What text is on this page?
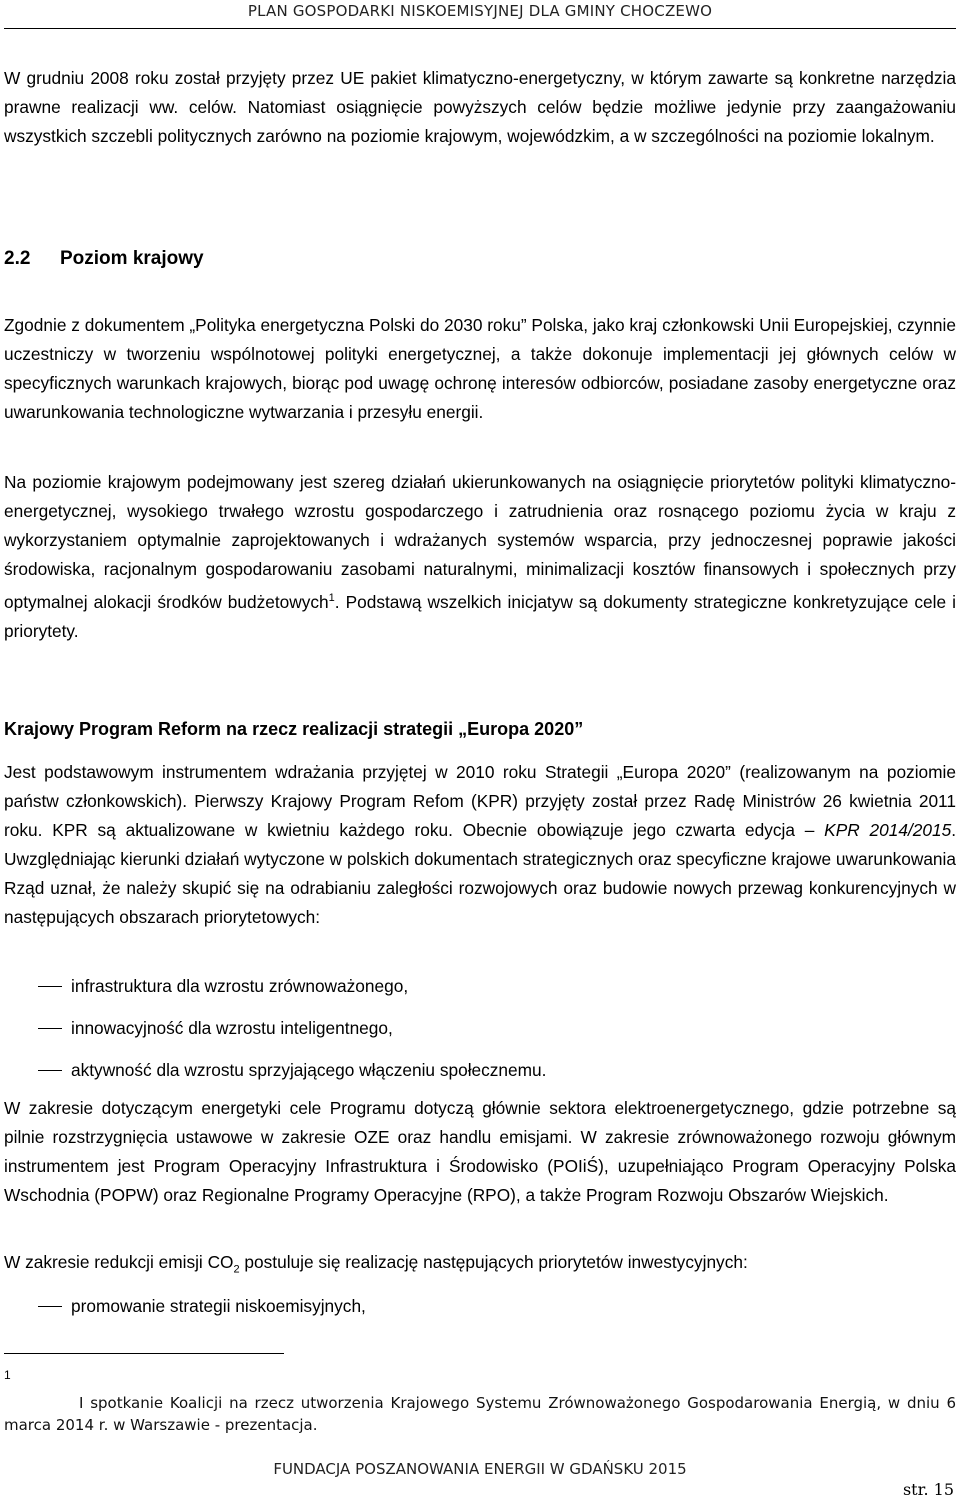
PLAN GOSPODARKI NISKOEMISYJNEJ DLA GMINY CHOCZEWO

W grudniu 2008 roku został przyjęty przez UE pakiet klimatyczno-energetyczny, w którym zawarte są konkretne narzędzia prawne realizacji ww. celów. Natomiast osiągnięcie powyższych celów będzie możliwe jedynie przy zaangażowaniu wszystkich szczebli politycznych zarówno na poziomie krajowym, wojewódzkim, a w szczególności na poziomie lokalnym.

2.2 Poziom krajowy

Zgodnie z dokumentem „Polityka energetyczna Polski do 2030 roku” Polska, jako kraj członkowski Unii Europejskiej, czynnie uczestniczy w tworzeniu wspólnotowej polityki energetycznej, a także dokonuje implementacji jej głównych celów w specyficznych warunkach krajowych, biorąc pod uwagę ochronę interesów odbiorców, posiadane zasoby energetyczne oraz uwarunkowania technologiczne wytwarzania i przesyłu energii.

Na poziomie krajowym podejmowany jest szereg działań ukierunkowanych na osiągnięcie priorytetów polityki klimatyczno-energetycznej, wysokiego trwałego wzrostu gospodarczego i zatrudnienia oraz rosnącego poziomu życia w kraju z wykorzystaniem optymalnie zaprojektowanych i wdrażanych systemów wsparcia, przy jednoczesnej poprawie jakości środowiska, racjonalnym gospodarowaniu zasobami naturalnymi, minimalizacji kosztów finansowych i społecznych przy optymalnej alokacji środków budżetowych$^1$. Podstawą wszelkich inicjatyw są dokumenty strategiczne konkretyzujące cele i priorytety.

Krajowy Program Reform na rzecz realizacji strategii „Europa 2020”

Jest podstawowym instrumentem wdrażania przyjętej w 2010 roku Strategii „Europa 2020” (realizowanym na poziomie państw członkowskich). Pierwszy Krajowy Program Refom (KPR) przyjęty został przez Radę Ministrów 26 kwietnia 2011 roku. KPR są aktualizowane w kwietniu każdego roku. Obecnie obowiązuje jego czwarta edycja – KPR 2014/2015. Uwzględniając kierunki działań wytyczone w polskich dokumentach strategicznych oraz specyficzne krajowe uwarunkowania Rząd uznał, że należy skupić się na odrabianiu zaległości rozwojowych oraz budowie nowych przewag konkurencyjnych w następujących obszarach priorytetowych:

infrastruktura dla wzrostu zrównoważonego,
innowacyjność dla wzrostu inteligentnego,
aktywność dla wzrostu sprzyjającego włączeniu społecznemu.

W zakresie dotyczącym energetyki cele Programu dotyczą głównie sektora elektroenergetycznego, gdzie potrzebne są pilnie rozstrzygnięcia ustawowe w zakresie OZE oraz handlu emisjami. W zakresie zrównoważonego rozwoju głównym instrumentem jest Program Operacyjny Infrastruktura i Środowisko (POIiŚ), uzupełniająco Program Operacyjny Polska Wschodnia (POPW) oraz Regionalne Programy Operacyjne (RPO), a także Program Rozwoju Obszarów Wiejskich.

W zakresie redukcji emisji $CO_2$ postuluje się realizację następujących priorytetów inwestycyjnych:

promowanie strategii niskoemisyjnych,
1
I spotkanie Koalicji na rzecz utworzenia Krajowego Systemu Zrównoważonego Gospodarowania Energią, w dniu 6 marca 2014 r. w Warszawie - prezentacja.
FUNDACJA POSZANOWANIA ENERGII W GDAŃSKU 2015
str. 15
